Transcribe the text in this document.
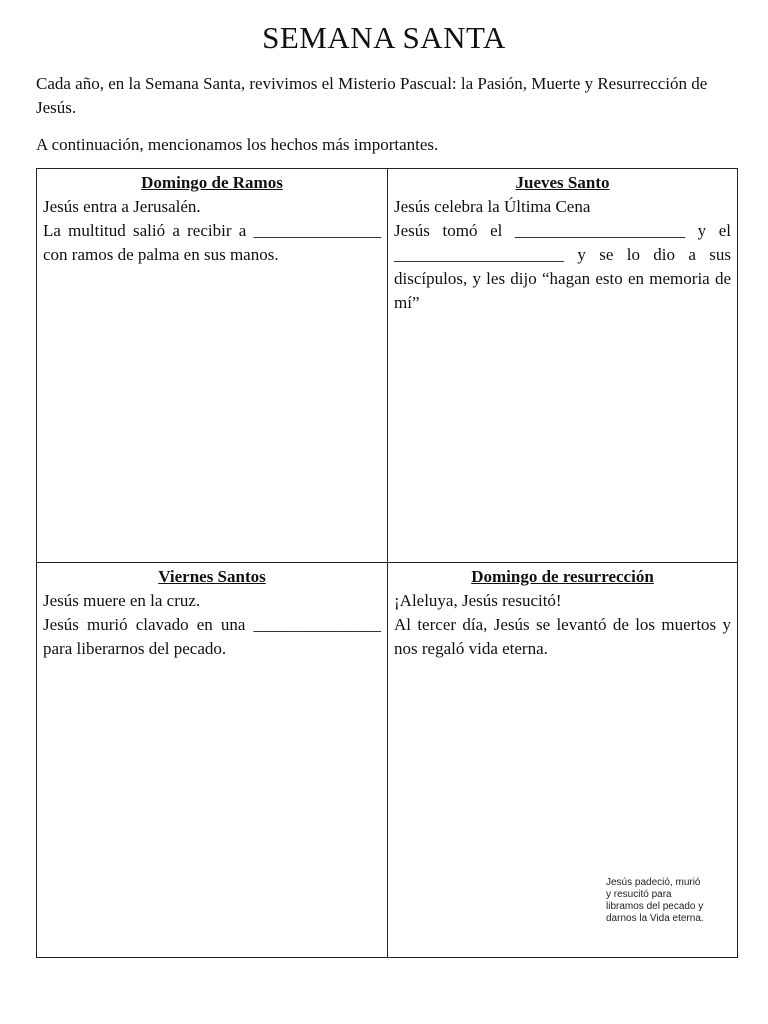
SEMANA SANTA

Cada año, en la Semana Santa, revivimos el Misterio Pascual: la Pasión, Muerte y Resurrección de Jesús.

A continuación, mencionamos los hechos más importantes.

Domingo de Ramos

Jesús entra a Jerusalén.

La multitud salió a recibir a _______________ con ramos de palma en sus manos.

Jueves Santo

Jesús celebra la Última Cena

Jesús tomó el ____________________ y el ____________________ y se lo dio a sus discípulos, y les dijo “hagan esto en memoria de mí”

Viernes Santos

Jesús muere en la cruz.

Jesús murió clavado en una _______________ para liberarnos del pecado.

Domingo de resurrección

¡Aleluya, Jesús resucitó!

Al tercer día, Jesús se levantó de los muertos y nos regaló vida eterna.

Jesús padeció, murió y resucitó para libramos del pecado y darnos la Vida eterna.
